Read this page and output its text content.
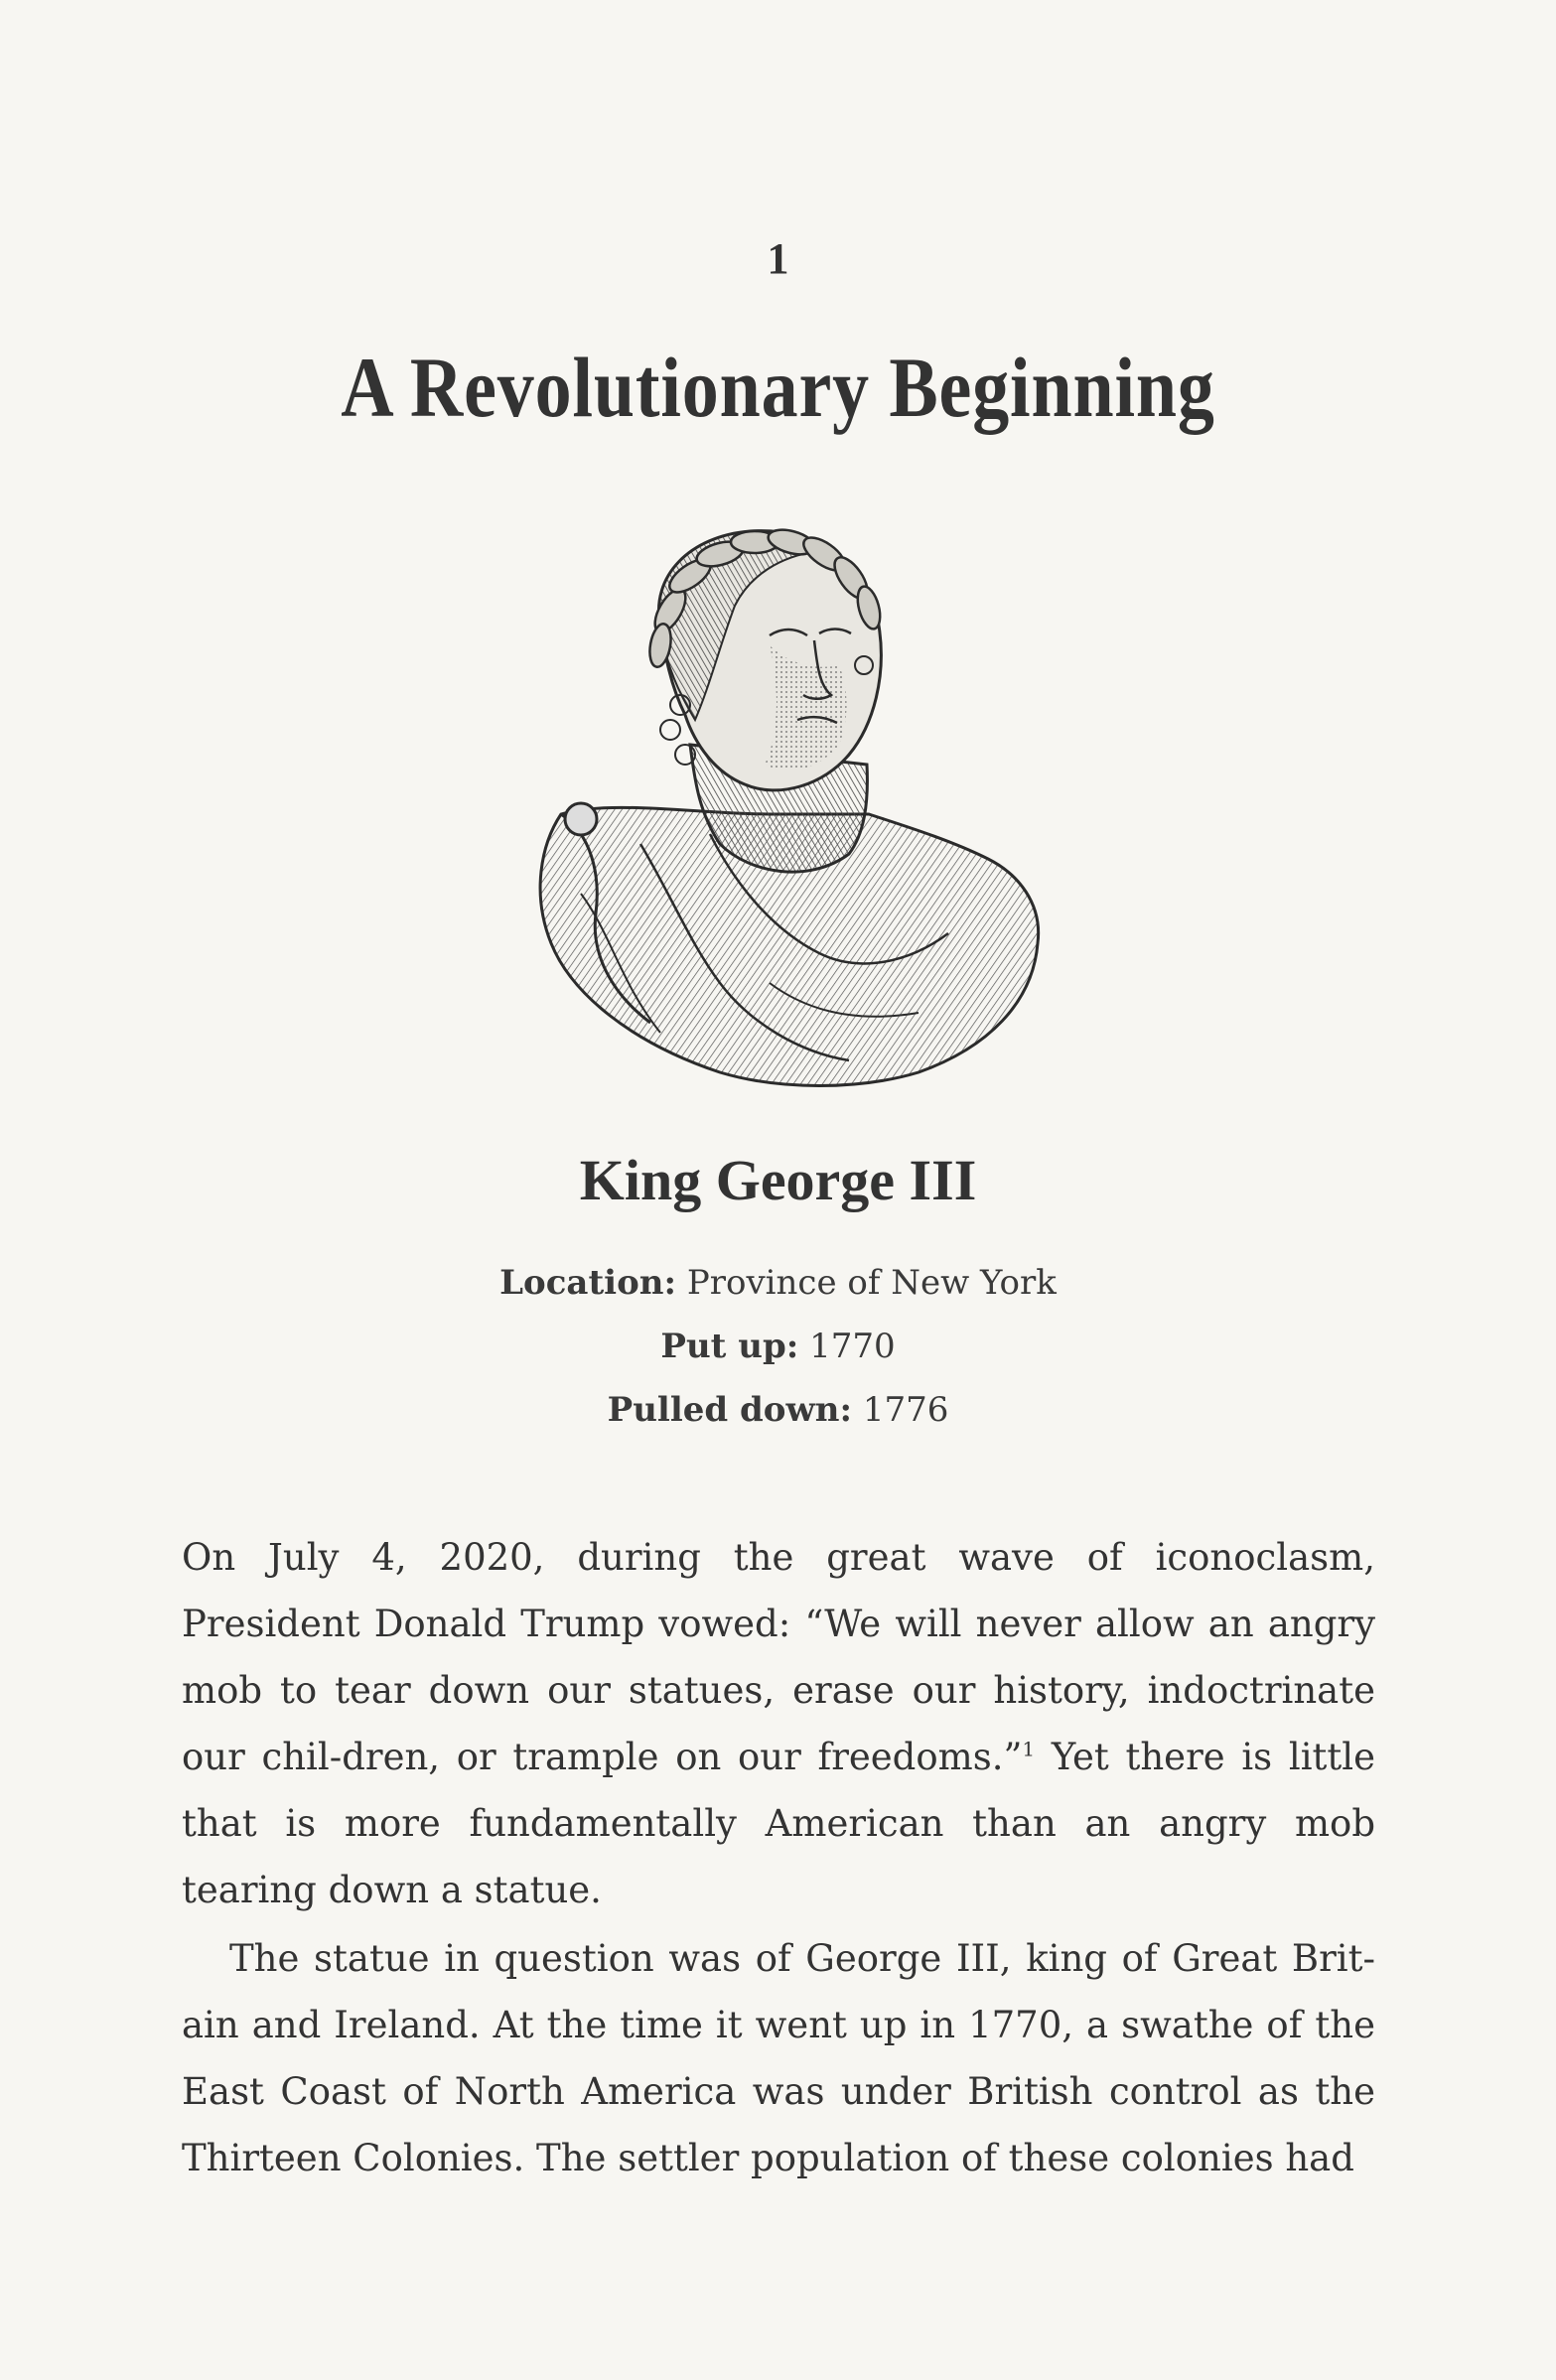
1
A Revolutionary Beginning
King George III
Location: Province of New York
Put up: 1770
Pulled down: 1776
On July 4, 2020, during the great wave of iconoclasm, President Donald Trump vowed: “We will never allow an angry mob to tear down our statues, erase our history, indoctrinate our chil-dren, or trample on our freedoms.”$^1$ Yet there is little that is more fundamentally American than an angry mob tearing down a statue.
The statue in question was of George III, king of Great Brit-ain and Ireland. At the time it went up in 1770, a swathe of the East Coast of North America was under British control as the Thirteen Colonies. The settler population of these colonies had
